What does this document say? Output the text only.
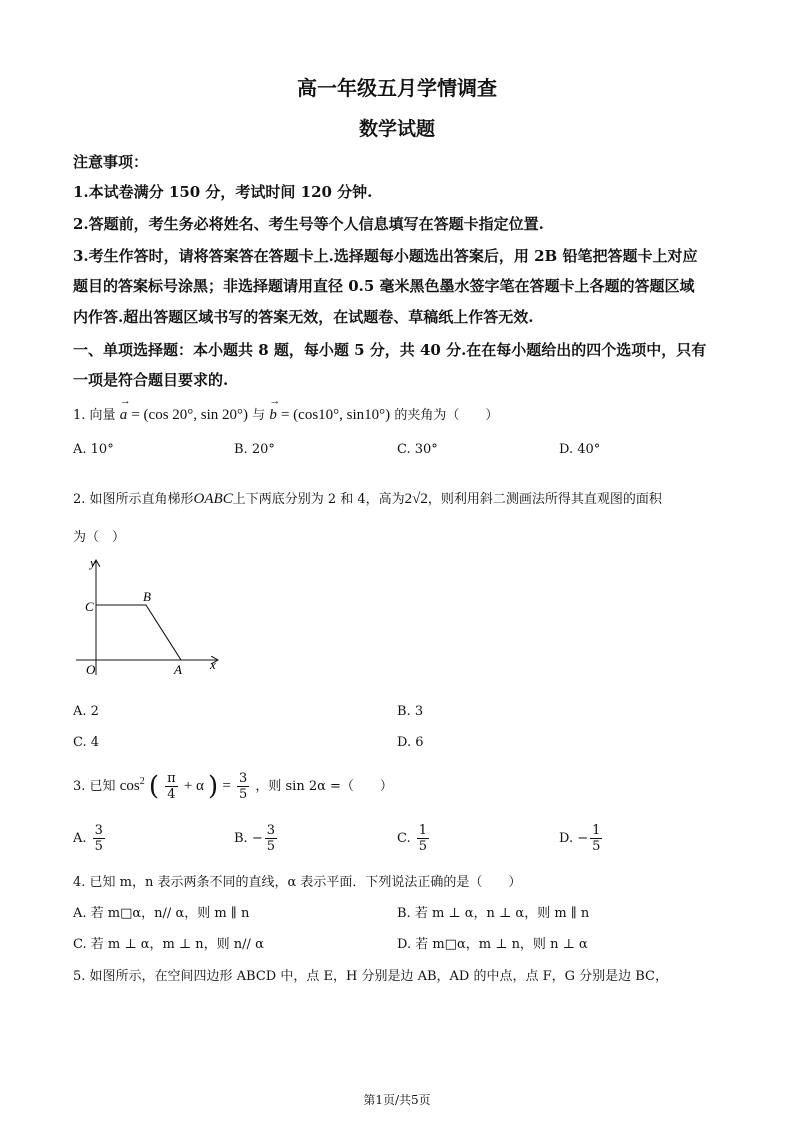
高一年级五月学情调查
数学试题
注意事项：
1.本试卷满分 150 分，考试时间 120 分钟.
2.答题前，考生务必将姓名、考生号等个人信息填写在答题卡指定位置.
3.考生作答时，请将答案答在答题卡上.选择题每小题选出答案后，用 2B 铅笔把答题卡上对应
题目的答案标号涂黑；非选择题请用直径 0.5 毫米黑色墨水签字笔在答题卡上各题的答题区域
内作答.超出答题区域书写的答案无效，在试题卷、草稿纸上作答无效.
一、单项选择题：本小题共 8 题，每小题 5 分，共 40 分.在在每小题给出的四个选项中，只有
一项是符合题目要求的.
1. 向量
→
a = (cos 20°, sin 20°) 与
→
b = (cos10°, sin10°) 的夹角为（　　）
A. 10°	B. 20°	C. 30°	D. 40°
2. 如图所示直角梯形OABC上下两底分别为 2 和 4，高为2√2，则利用斜二测画法所得其直观图的面积
为（　）
y
x
O	A
B
C
A. 2	B. 3
C. 4	D. 6
3. 已知 $\cos^2$ ( $\frac{\pi}{4} + \alpha$ ) = $\frac{3}{5}$ ，则 sin 2α =（　　）
A. $\frac{3}{5}$	B. − $\frac{3}{5}$	C. $\frac{1}{5}$	D. − $\frac{1}{5}$
4. 已知 m，n 表示两条不同的直线，α 表示平面．下列说法正确的是（　　）
A. 若 m□α，n// α，则 m ∥ n	B. 若 m ⊥ α，n ⊥ α，则 m ∥ n
C. 若 m ⊥ α，m ⊥ n，则 n// α	D. 若 m□α，m ⊥ n，则 n ⊥ α
5. 如图所示，在空间四边形 ABCD 中，点 E，H 分别是边 AB，AD 的中点，点 F，G 分别是边 BC，
第1页/共5页
